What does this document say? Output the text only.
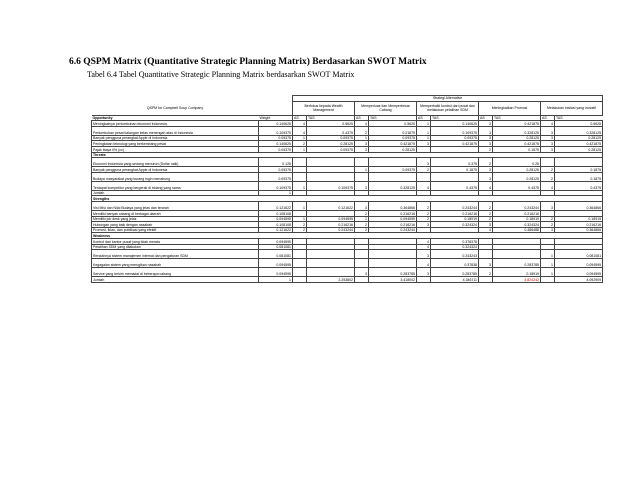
6.6 QSPM Matrix (Quantitative Strategic Planning Matrix) Berdasarkan SWOT Matrix
Tabel 6.4 Tabel Quantitative Strategic Planning Matrix berdasarkan SWOT Matrix
		Strategi Alternative									
QSPM for Campbell Soup Company		Berfokus kepada Wealth Management		Memperluas dan Memperbesar Cabang		Memperbaiki kontrol dari pusat dan melakukan pelatihan SDM		Meningkatkan Promosi		Melakukan inisiasi yang inovatif	
Opportunity	Weight	AS	TAS	AS	TAS	AS	TAS	AS	TAS	AS	TAS
Meningkatnya pertumbuhan ekonomi Indonesia	0.140625	4	0.5625	4	0.5625	1	0.140625	3	0.421875	4	0.5625
Pertumbuhan pesat kalangan kelas menengah atas di Indonesia	0.109375	4	0.4375	2	0.21875	1	0.109375	3	0.328125	3	0.328125
Banyak pengguna perangkat Apple di Indonesia	0.09375	1	0.09375	1	0.09375	1	0.09375	3	0.28125	3	0.28125
Peningkatan teknologi yang berkembang pesat	0.140625	2	0.28125	3	0.421875	3	0.421875	3	0.421875	3	0.421875
Pajak biaya 0% (cc)	0.09375	1	0.09375	3	0.28125			2	0.1875	3	0.28125
Threats											
Ekonomi Indonesia yang sedang menurun (Dollar naik)	0.125					3	0.375	2	0.25		
Banyak pengguna perangkat Apple di Indonesia	0.09375			1	0.09375	2	0.1875	3	0.28125	2	0.1875
Budaya masyarakat yang kurang ingin menabung	0.09375							3	0.28125	2	0.1875
Terdapat kompetitor yang bergerak di bidang yang sama	0.109375	1	0.109375	3	0.328125	4	0.4375	4	0.4375	4	0.4375
Jumlah	1										
Strengths											
Visi Misi dan Nilai Budaya yang jelas dan terarah	0.121622	1	0.121622	3	0.364866	2	0.243244	2	0.243244	3	0.364866
Memiliki banyak cabang di berbagai daerah	0.108108			2	0.216216	2	0.216216	2	0.216216		
Memiliki job desk yang jelas	0.094595	1	0.094595	1	0.094595	2	0.18919	2	0.18919	2	0.18919
Hubungan yang baik dengan nasabah	0.108108	2	0.216216	2	0.216216	3	0.324324	3	0.324324	2	0.216216
Promosi, iklan, dan publikasi yang efektif	0.121622	2	0.243244	2	0.243244			4	0.486488	3	0.364866
Weakness											
Kontrol dari kantor pusat yang tidak merata	0.094595					4	0.378378				
Pelatihan SDM yang dilakukan	0.081081					4	0.324324				
Rendahnya sistem manajemen internal dan pengaturan SDM	0.081081					3	0.243243			1	0.081081
Kegagalan sistem yang merugikan nasabah	0.094595					4	0.37838	3	0.283785	1	0.094595
Service yang belum memadai di beberapa cabang	0.094595			3	0.283785	3	0.283785	2	0.18919	1	0.094595
Jumlah	1		2.253802		3.418002		4.346711		4.824242		4.092909
